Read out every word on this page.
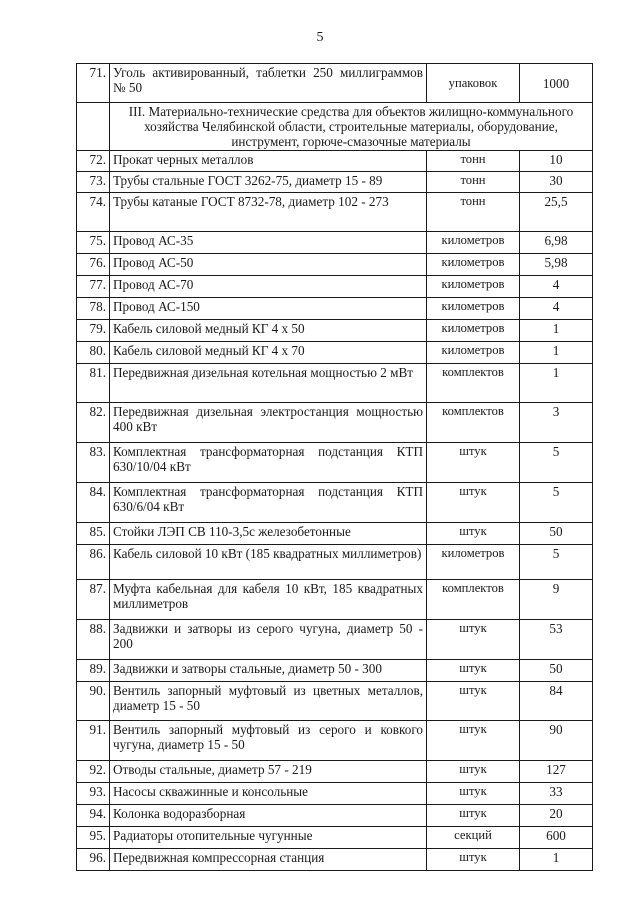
5
71.	Уголь активированный, таблетки 250 миллиграммов № 50	упаковок	1000
	III. Материально-технические средства для объектов жилищно-коммунального хозяйства Челябинской области, строительные материалы, оборудование, инструмент, горюче-смазочные материалы		
72.	Прокат черных металлов	тонн	10
73.	Трубы стальные ГОСТ 3262-75, диаметр 15 - 89	тонн	30
74.	Трубы катаные ГОСТ 8732-78, диаметр 102 - 273	тонн	25,5
75.	Провод АС-35	километров	6,98
76.	Провод АС-50	километров	5,98
77.	Провод АС-70	километров	4
78.	Провод АС-150	километров	4
79.	Кабель силовой медный КГ 4 х 50	километров	1
80.	Кабель силовой медный КГ 4 х 70	километров	1
81.	Передвижная дизельная котельная мощностью 2 мВт	комплектов	1
82.	Передвижная дизельная электростанция мощностью 400 кВт	комплектов	3
83.	Комплектная трансформаторная подстанция КТП 630/10/04 кВт	штук	5
84.	Комплектная трансформаторная подстанция КТП 630/6/04 кВт	штук	5
85.	Стойки ЛЭП СВ 110-3,5с железобетонные	штук	50
86.	Кабель силовой 10 кВт (185 квадратных миллиметров)	километров	5
87.	Муфта кабельная для кабеля 10 кВт, 185 квадратных миллиметров	комплектов	9
88.	Задвижки и затворы из серого чугуна, диаметр 50 - 200	штук	53
89.	Задвижки и затворы стальные, диаметр 50 - 300	штук	50
90.	Вентиль запорный муфтовый из цветных металлов, диаметр 15 - 50	штук	84
91.	Вентиль запорный муфтовый из серого и ковкого чугуна, диаметр 15 - 50	штук	90
92.	Отводы стальные, диаметр 57 - 219	штук	127
93.	Насосы скважинные и консольные	штук	33
94.	Колонка водоразборная	штук	20
95.	Радиаторы отопительные чугунные	секций	600
96.	Передвижная компрессорная станция	штук	1
